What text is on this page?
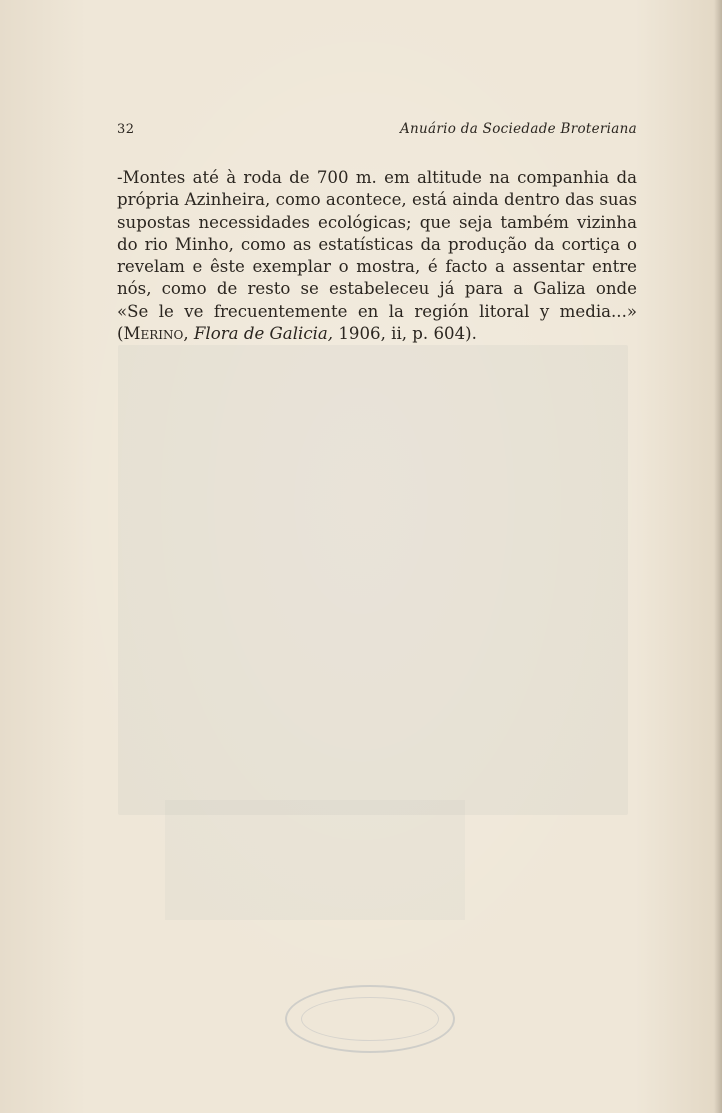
32	Anuário da Sociedade Broteriana

-Montes até à roda de 700 m. em altitude na companhia da
própria Azinheira, como acontece, está ainda dentro das suas
supostas necessidades ecológicas; que seja também vizinha
do rio Minho, como as estatísticas da produção da cortiça o
revelam e êste exemplar o mostra, é facto a assentar entre
nós, como de resto se estabeleceu já para a Galiza onde
«Se le ve frecuentemente en la región litoral y media...»
(Merino, Flora de Galicia, 1906, ii, p. 604).
